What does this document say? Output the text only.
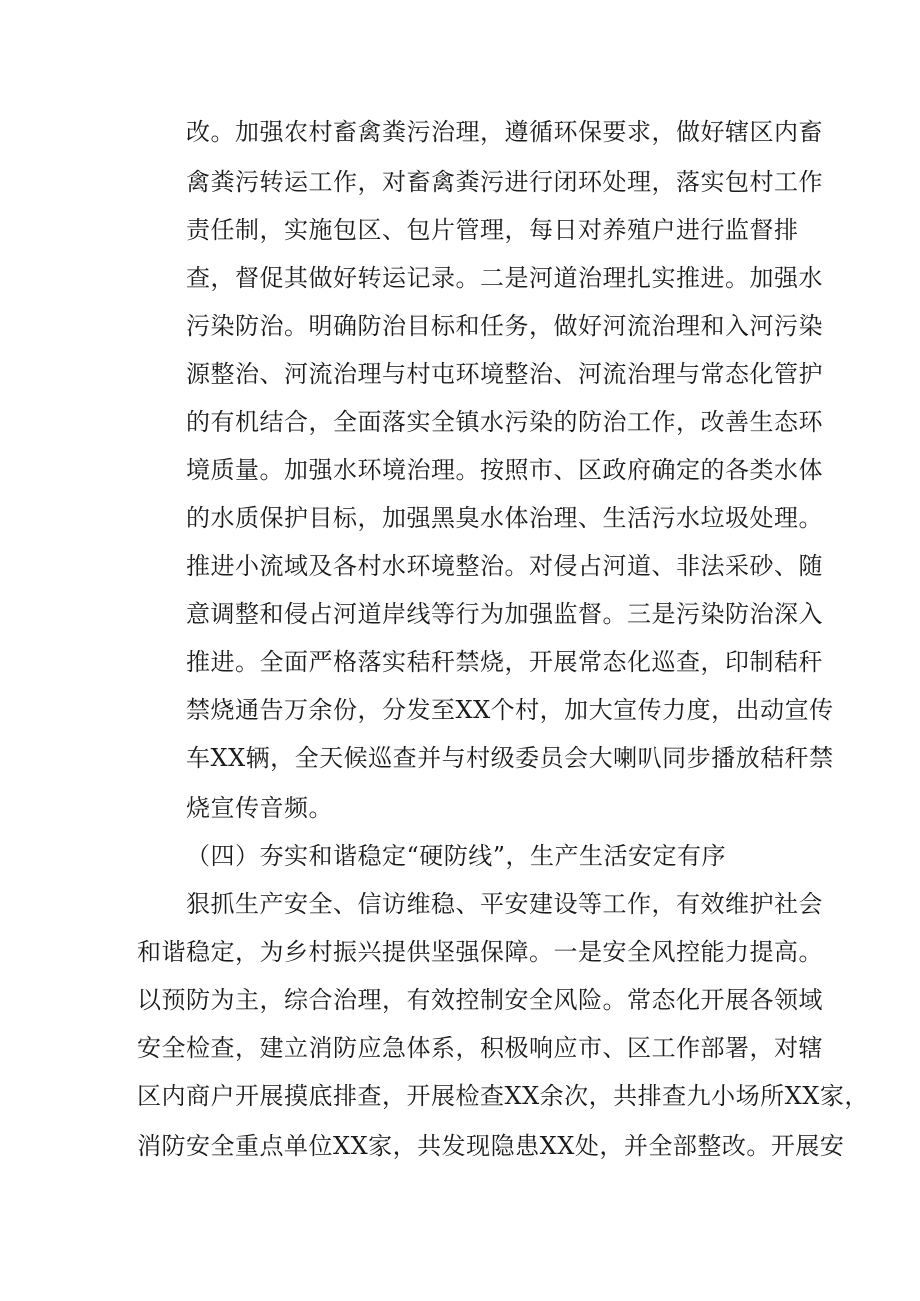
改。加强农村畜禽粪污治理，遵循环保要求，做好辖区内畜
禽粪污转运工作，对畜禽粪污进行闭环处理，落实包村工作
责任制，实施包区、包片管理，每日对养殖户进行监督排
查，督促其做好转运记录。二是河道治理扎实推进。加强水
污染防治。明确防治目标和任务，做好河流治理和入河污染
源整治、河流治理与村屯环境整治、河流治理与常态化管护
的有机结合，全面落实全镇水污染的防治工作，改善生态环
境质量。加强水环境治理。按照市、区政府确定的各类水体
的水质保护目标，加强黑臭水体治理、生活污水垃圾处理。
推进小流域及各村水环境整治。对侵占河道、非法采砂、随
意调整和侵占河道岸线等行为加强监督。三是污染防治深入
推进。全面严格落实秸秆禁烧，开展常态化巡查，印制秸秆
禁烧通告万余份，分发至XX个村，加大宣传力度，出动宣传
车XX辆，全天候巡查并与村级委员会大喇叭同步播放秸秆禁
烧宣传音频。
（四）夯实和谐稳定“硬防线”，生产生活安定有序
狠抓生产安全、信访维稳、平安建设等工作，有效维护社会
和谐稳定，为乡村振兴提供坚强保障。一是安全风控能力提高。
以预防为主，综合治理，有效控制安全风险。常态化开展各领域
安全检查，建立消防应急体系，积极响应市、区工作部署，对辖
区内商户开展摸底排查，开展检查XX余次，共排查九小场所XX家，
消防安全重点单位XX家，共发现隐患XX处，并全部整改。开展安
